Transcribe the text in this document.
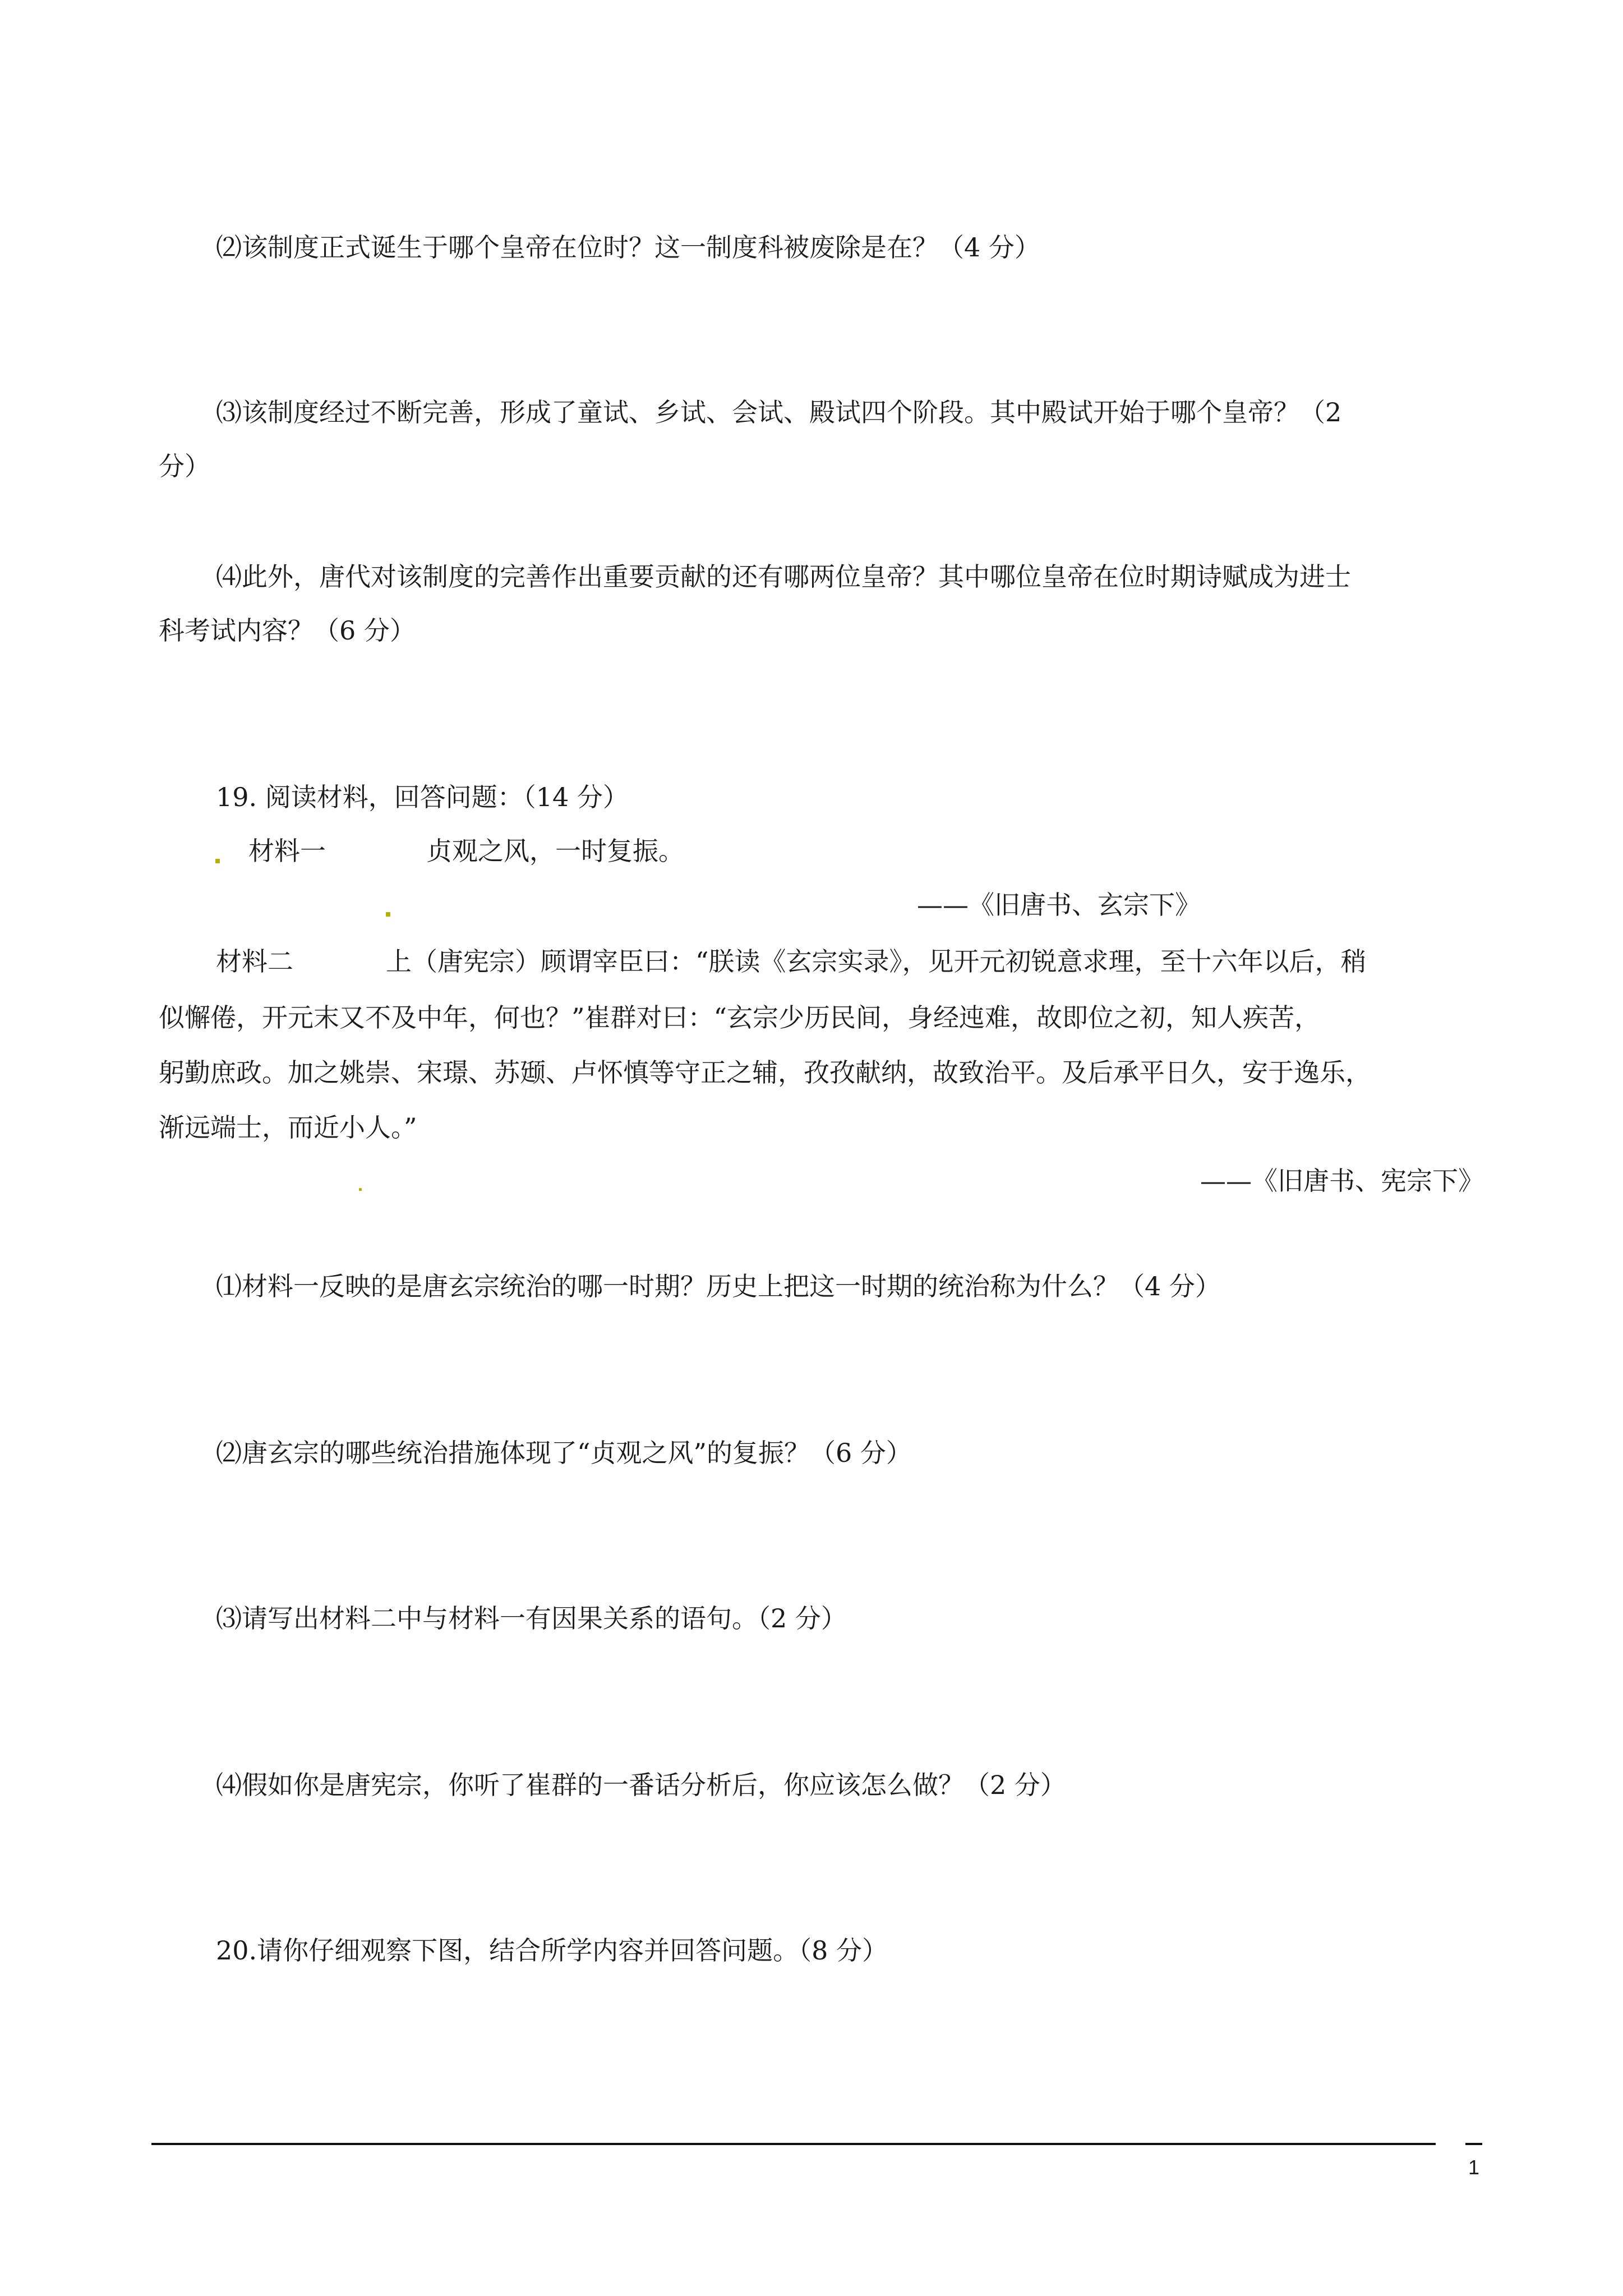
⑵该制度正式诞生于哪个皇帝在位时？这一制度科被废除是在？（4 分）

⑶该制度经过不断完善，形成了童试、乡试、会试、殿试四个阶段。其中殿试开始于哪个皇帝？（2

分）

⑷此外，唐代对该制度的完善作出重要贡献的还有哪两位皇帝？其中哪位皇帝在位时期诗赋成为进士

科考试内容？（6 分）

19. 阅读材料，回答问题：（14 分）

材料一	贞观之风，一时复振。

——《旧唐书、玄宗下》

材料二	上（唐宪宗）顾谓宰臣曰：“朕读《玄宗实录》，见开元初锐意求理，至十六年以后，稍

似懈倦，开元末又不及中年，何也？”崔群对曰：“玄宗少历民间，身经迍难，故即位之初，知人疾苦，

躬勤庶政。加之姚崇、宋璟、苏颋、卢怀慎等守正之辅，孜孜献纳，故致治平。及后承平日久，安于逸乐，

渐远端士，而近小人。”

——《旧唐书、宪宗下》

⑴材料一反映的是唐玄宗统治的哪一时期？历史上把这一时期的统治称为什么？（4 分）

⑵唐玄宗的哪些统治措施体现了“贞观之风”的复振？（6 分）

⑶请写出材料二中与材料一有因果关系的语句。（2 分）

⑷假如你是唐宪宗，你听了崔群的一番话分析后，你应该怎么做？（2 分）

20.请你仔细观察下图，结合所学内容并回答问题。（8 分）

1
